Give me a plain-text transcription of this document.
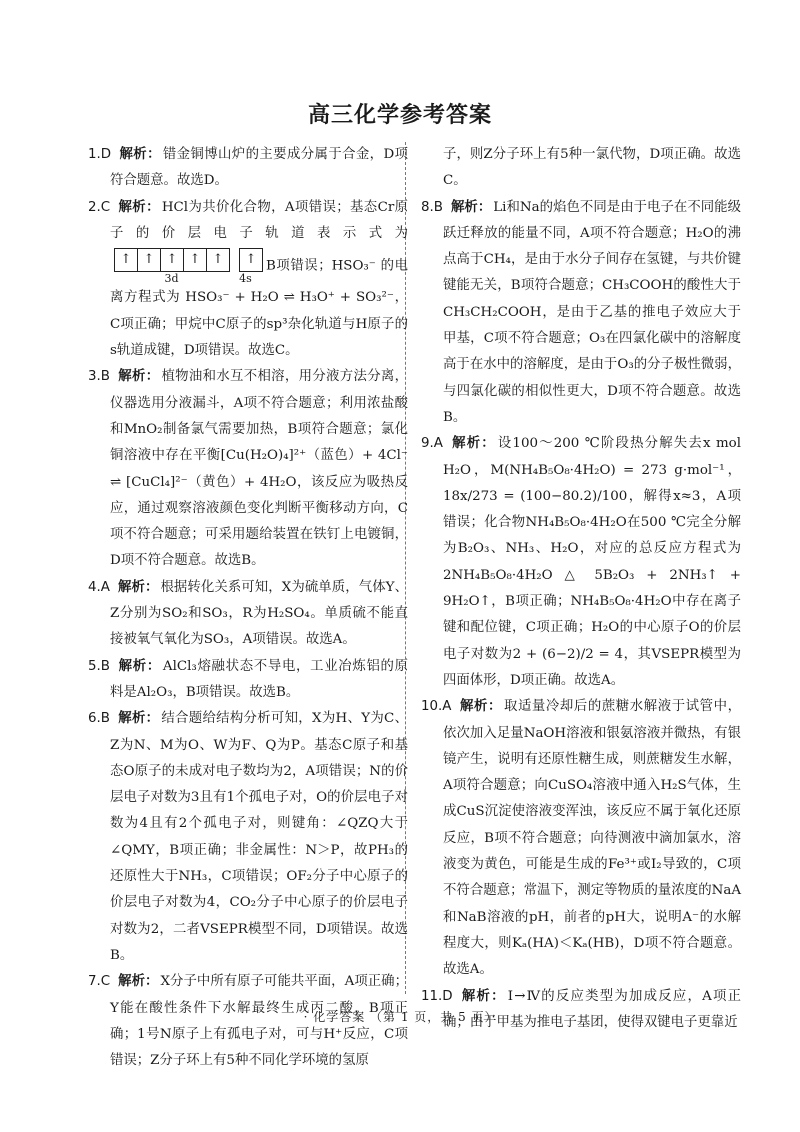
高三化学参考答案

1.D 解析： 错金铜博山炉的主要成分属于合金，D项符合题意。故选D。

2.C 解析： HCl为共价化合物，A项错误；基态Cr原子的价层电子轨道表示式为↑ ↑ ↑ ↑ ↑ ↑
3d	4s
B项错误；HSO₃⁻ 的电离方程式为 HSO₃⁻ + H₂O ⇌ H₃O⁺ + SO₃²⁻，C项正确；甲烷中C原子的sp³杂化轨道与H原子的s轨道成键，D项错误。故选C。

3.B 解析： 植物油和水互不相溶，用分液方法分离，仪器选用分液漏斗，A项不符合题意；利用浓盐酸和MnO₂制备氯气需要加热，B项符合题意；氯化铜溶液中存在平衡[Cu(H₂O)₄]²⁺（蓝色）+ 4Cl⁻ ⇌ [CuCl₄]²⁻（黄色）+ 4H₂O，该反应为吸热反应，通过观察溶液颜色变化判断平衡移动方向，C项不符合题意；可采用题给装置在铁钉上电镀铜，D项不符合题意。故选B。

4.A 解析： 根据转化关系可知，X为硫单质，气体Y、Z分别为SO₂和SO₃，R为H₂SO₄。单质硫不能直接被氧气氧化为SO₃，A项错误。故选A。

5.B 解析： AlCl₃熔融状态不导电，工业冶炼铝的原料是Al₂O₃，B项错误。故选B。

6.B 解析： 结合题给结构分析可知，X为H、Y为C、Z为N、M为O、W为F、Q为P。基态C原子和基态O原子的未成对电子数均为2，A项错误；N的价层电子对数为3且有1个孤电子对，O的价层电子对数为4且有2个孤电子对，则键角：∠QZQ大于∠QMY，B项正确；非金属性：N＞P，故PH₃的还原性大于NH₃，C项错误；OF₂分子中心原子的价层电子对数为4，CO₂分子中心原子的价层电子对数为2，二者VSEPR模型不同，D项错误。故选B。

7.C 解析： X分子中所有原子可能共平面，A项正确；Y能在酸性条件下水解最终生成丙二酸，B项正确；1号N原子上有孤电子对，可与H⁺反应，C项错误；Z分子环上有5种不同化学环境的氢原

子，则Z分子环上有5种一氯代物，D项正确。故选C。

8.B 解析： Li和Na的焰色不同是由于电子在不同能级跃迁释放的能量不同，A项不符合题意；H₂O的沸点高于CH₄，是由于水分子间存在氢键，与共价键键能无关，B项符合题意；CH₃COOH的酸性大于CH₃CH₂COOH，是由于乙基的推电子效应大于甲基，C项不符合题意；O₃在四氯化碳中的溶解度高于在水中的溶解度，是由于O₃的分子极性微弱，与四氯化碳的相似性更大，D项不符合题意。故选B。

9.A 解析： 设100～200 ℃阶段热分解失去x mol H₂O，M(NH₄B₅O₈·4H₂O) = 273 g·mol⁻¹，18x/273 = (100−80.2)/100，解得x≈3，A项错误；化合物NH₄B₅O₈·4H₂O在500 ℃完全分解为B₂O₃、NH₃、H₂O，对应的总反应方程式为2NH₄B₅O₈·4H₂O △ 5B₂O₃ + 2NH₃↑ + 9H₂O↑，B项正确；NH₄B₅O₈·4H₂O中存在离子键和配位键，C项正确；H₂O的中心原子O的价层电子对数为2 + (6−2)/2 = 4，其VSEPR模型为四面体形，D项正确。故选A。

10.A 解析： 取适量冷却后的蔗糖水解液于试管中，依次加入足量NaOH溶液和银氨溶液并微热，有银镜产生，说明有还原性糖生成，则蔗糖发生水解，A项符合题意；向CuSO₄溶液中通入H₂S气体，生成CuS沉淀使溶液变浑浊，该反应不属于氧化还原反应，B项不符合题意；向待测液中滴加氯水，溶液变为黄色，可能是生成的Fe³⁺或I₂导致的，C项不符合题意；常温下，测定等物质的量浓度的NaA和NaB溶液的pH，前者的pH大，说明A⁻的水解程度大，则Kₐ(HA)＜Kₐ(HB)，D项不符合题意。故选A。

11.D 解析： Ⅰ→Ⅳ的反应类型为加成反应，A项正确；由于甲基为推电子基团，使得双键电子更靠近

· 化学答案 （第 1 页，共 5 页）·
